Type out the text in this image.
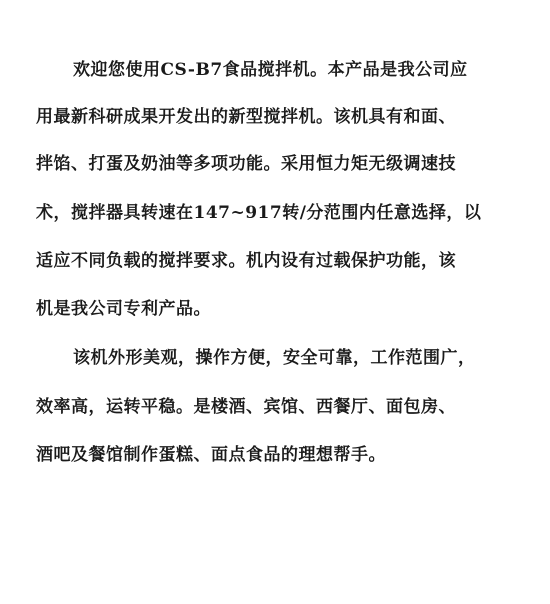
欢迎您使用CS-B7食品搅拌机。本产品是我公司应
用最新科研成果开发出的新型搅拌机。该机具有和面、
拌馅、打蛋及奶油等多项功能。采用恒力矩无级调速技
术，搅拌器具转速在147~917转/分范围内任意选择，以
适应不同负载的搅拌要求。机内设有过载保护功能，该
机是我公司专利产品。
该机外形美观，操作方便，安全可靠，工作范围广，
效率高，运转平稳。是楼酒、宾馆、西餐厅、面包房、
酒吧及餐馆制作蛋糕、面点食品的理想帮手。
